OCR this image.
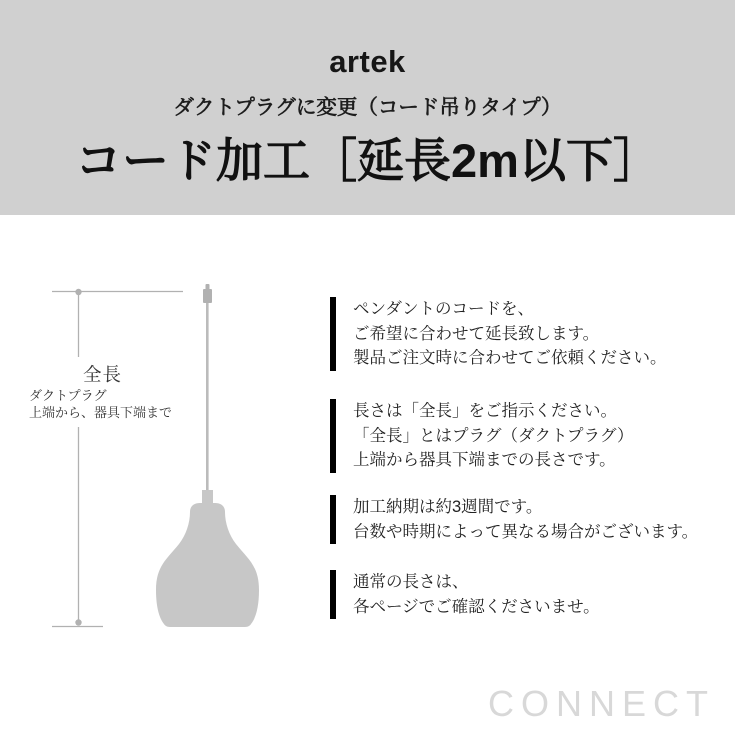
artek
ダクトプラグに変更（コード吊りタイプ）
コード加工［延長2m以下］
全長
ダクトプラグ
上端から、器具下端まで
ペンダントのコードを、
ご希望に合わせて延長致します。
製品ご注文時に合わせてご依頼ください。
長さは「全長」をご指示ください。
「全長」とはプラグ（ダクトプラグ）
上端から器具下端までの長さです。
加工納期は約3週間です。
台数や時期によって異なる場合がございます。
通常の長さは、
各ページでご確認くださいませ。
CONNECT
